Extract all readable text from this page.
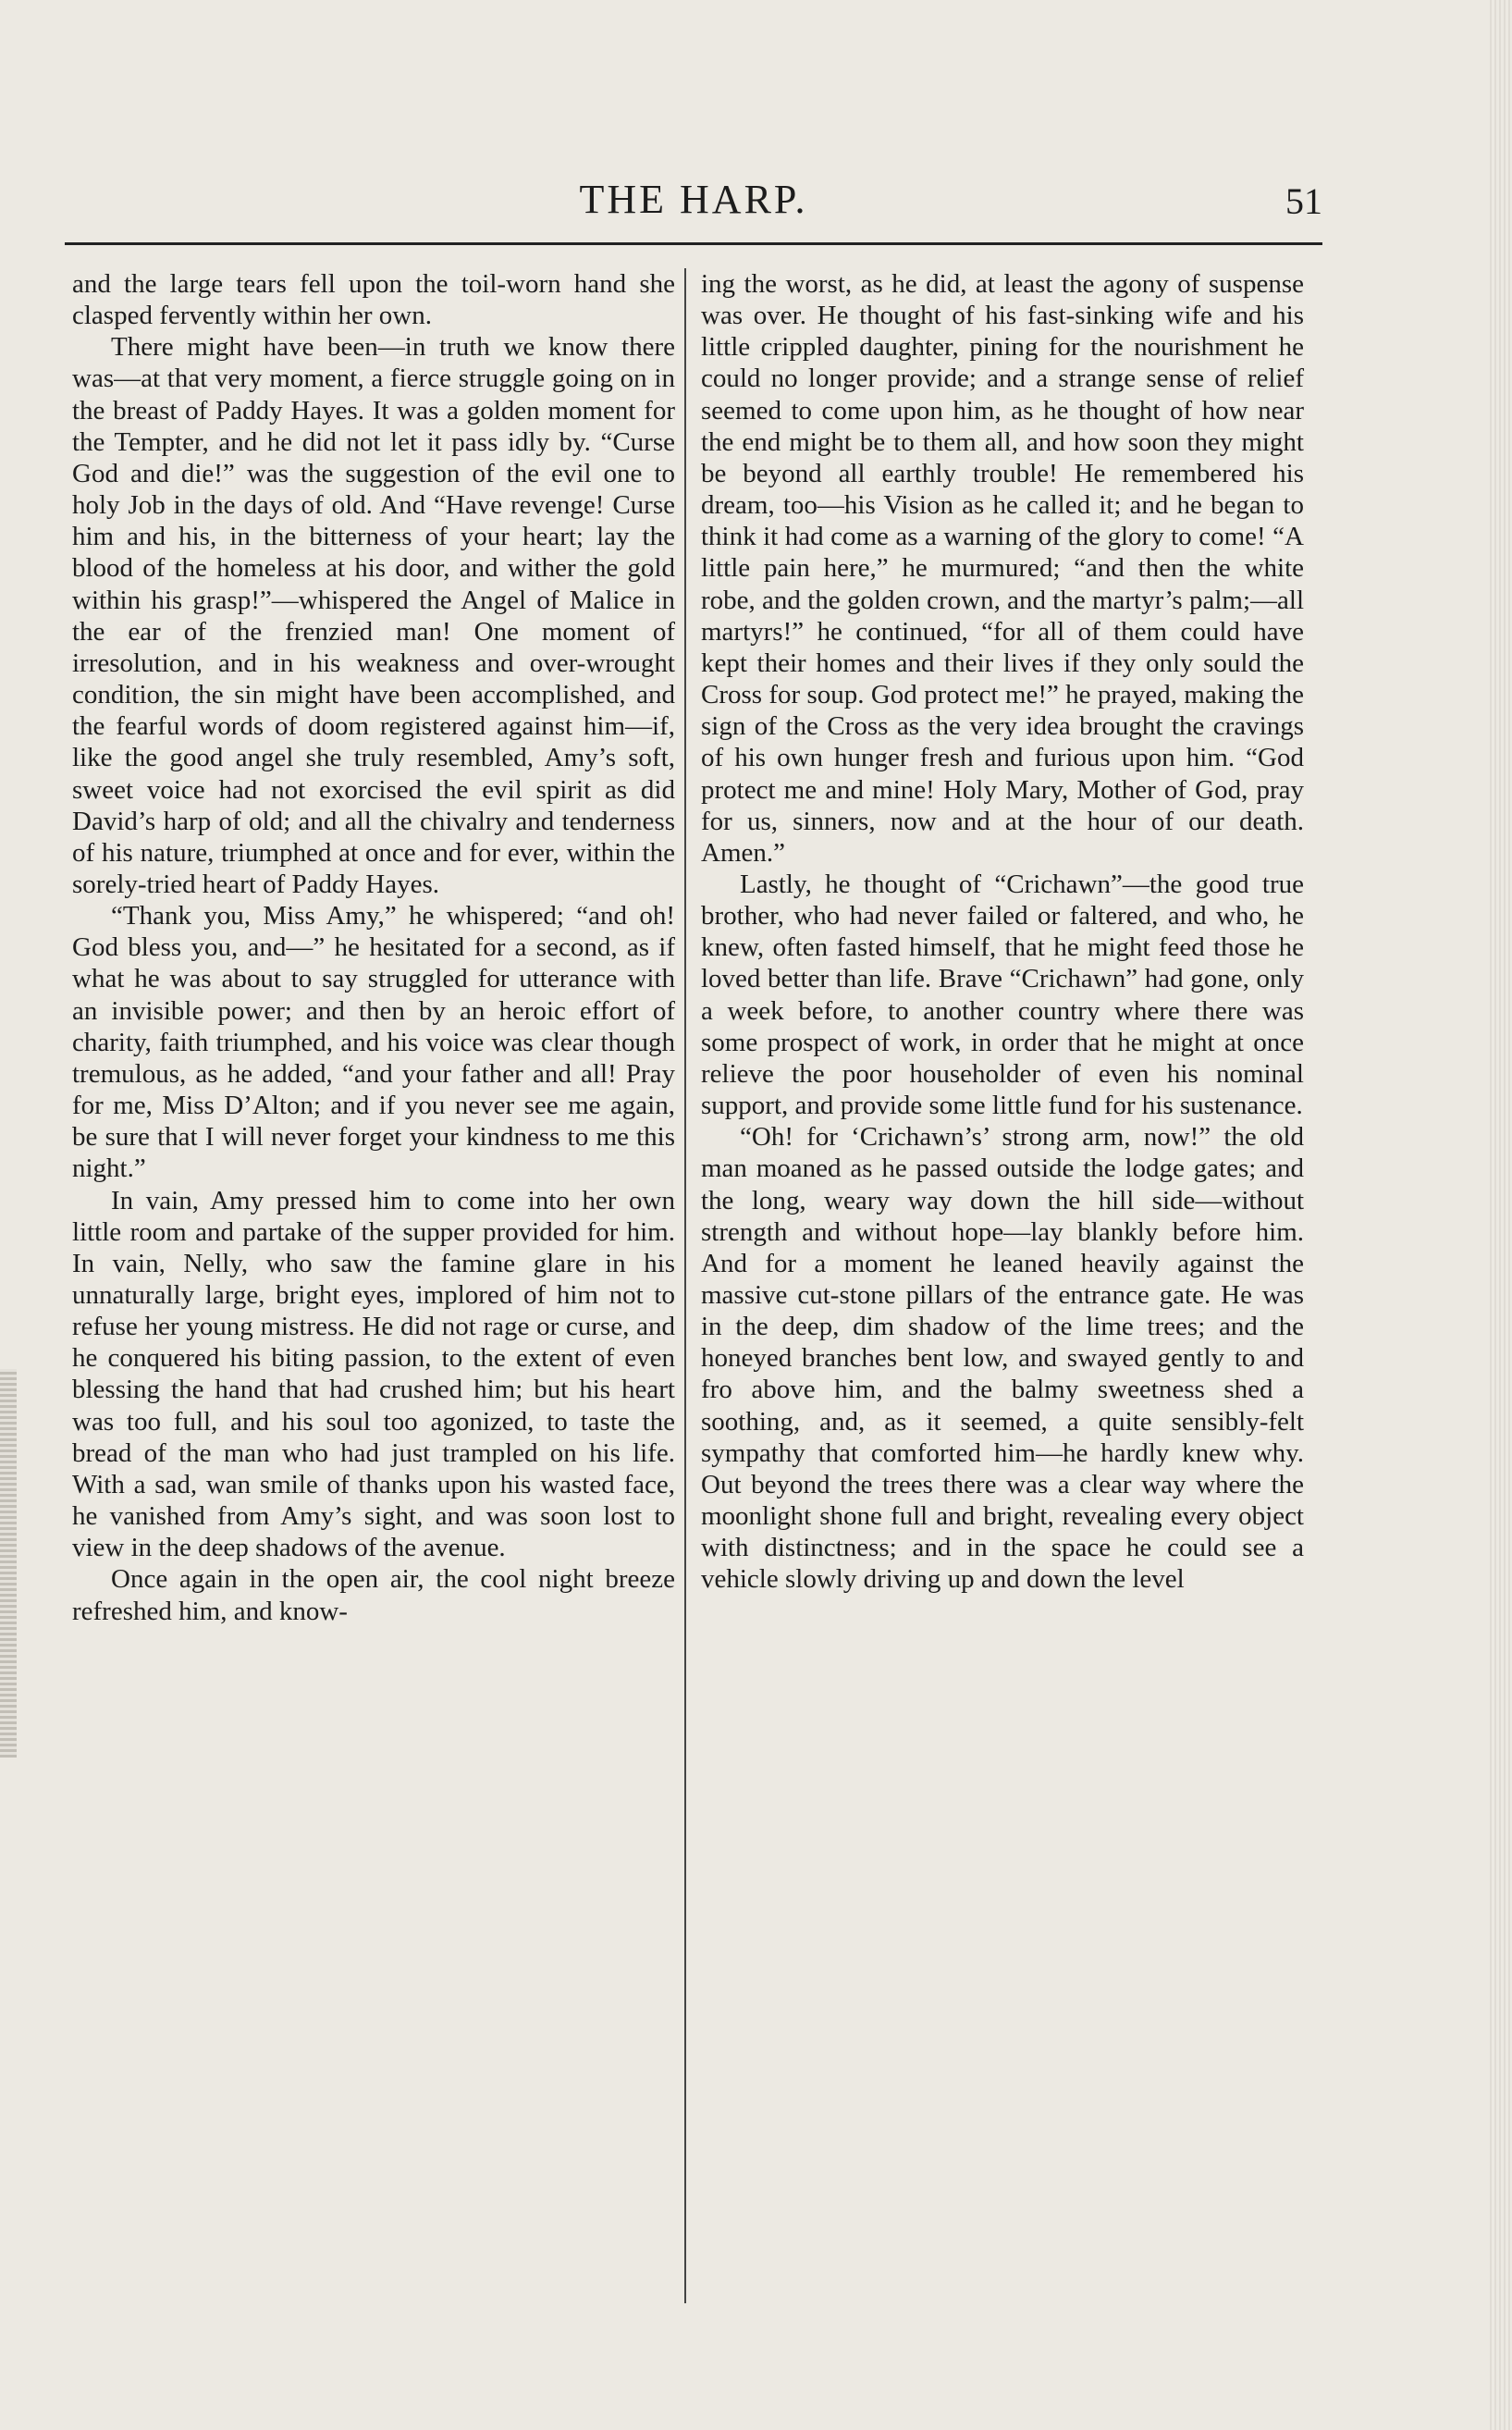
THE HARP.	51

and the large tears fell upon the toil-worn hand she clasped fervently within her own.

There might have been—in truth we know there was—at that very moment, a fierce struggle going on in the breast of Paddy Hayes. It was a golden moment for the Tempter, and he did not let it pass idly by. “Curse God and die!” was the suggestion of the evil one to holy Job in the days of old. And “Have revenge! Curse him and his, in the bitterness of your heart; lay the blood of the homeless at his door, and wither the gold within his grasp!”—whispered the Angel of Malice in the ear of the frenzied man! One moment of irresolution, and in his weakness and over-wrought condition, the sin might have been accomplished, and the fearful words of doom registered against him—if, like the good angel she truly resembled, Amy’s soft, sweet voice had not exorcised the evil spirit as did David’s harp of old; and all the chivalry and tenderness of his nature, triumphed at once and for ever, within the sorely-tried heart of Paddy Hayes.

“Thank you, Miss Amy,” he whispered; “and oh! God bless you, and—” he hesitated for a second, as if what he was about to say struggled for utterance with an invisible power; and then by an heroic effort of charity, faith triumphed, and his voice was clear though tremulous, as he added, “and your father and all! Pray for me, Miss D’Alton; and if you never see me again, be sure that I will never forget your kindness to me this night.”

In vain, Amy pressed him to come into her own little room and partake of the supper provided for him. In vain, Nelly, who saw the famine glare in his unnaturally large, bright eyes, implored of him not to refuse her young mistress. He did not rage or curse, and he conquered his biting passion, to the extent of even blessing the hand that had crushed him; but his heart was too full, and his soul too agonized, to taste the bread of the man who had just trampled on his life. With a sad, wan smile of thanks upon his wasted face, he vanished from Amy’s sight, and was soon lost to view in the deep shadows of the avenue.

Once again in the open air, the cool night breeze refreshed him, and know-

ing the worst, as he did, at least the agony of suspense was over. He thought of his fast-sinking wife and his little crippled daughter, pining for the nourishment he could no longer provide; and a strange sense of relief seemed to come upon him, as he thought of how near the end might be to them all, and how soon they might be beyond all earthly trouble! He remembered his dream, too—his Vision as he called it; and he began to think it had come as a warning of the glory to come! “A little pain here,” he murmured; “and then the white robe, and the golden crown, and the martyr’s palm;—all martyrs!” he continued, “for all of them could have kept their homes and their lives if they only sould the Cross for soup. God protect me!” he prayed, making the sign of the Cross as the very idea brought the cravings of his own hunger fresh and furious upon him. “God protect me and mine! Holy Mary, Mother of God, pray for us, sinners, now and at the hour of our death. Amen.”

Lastly, he thought of “Crichawn”—the good true brother, who had never failed or faltered, and who, he knew, often fasted himself, that he might feed those he loved better than life. Brave “Crichawn” had gone, only a week before, to another country where there was some prospect of work, in order that he might at once relieve the poor householder of even his nominal support, and provide some little fund for his sustenance.

“Oh! for ‘Crichawn’s’ strong arm, now!” the old man moaned as he passed outside the lodge gates; and the long, weary way down the hill side—without strength and without hope—lay blankly before him. And for a moment he leaned heavily against the massive cut-stone pillars of the entrance gate. He was in the deep, dim shadow of the lime trees; and the honeyed branches bent low, and swayed gently to and fro above him, and the balmy sweetness shed a soothing, and, as it seemed, a quite sensibly-felt sympathy that comforted him—he hardly knew why. Out beyond the trees there was a clear way where the moonlight shone full and bright, revealing every object with distinctness; and in the space he could see a vehicle slowly driving up and down the level
